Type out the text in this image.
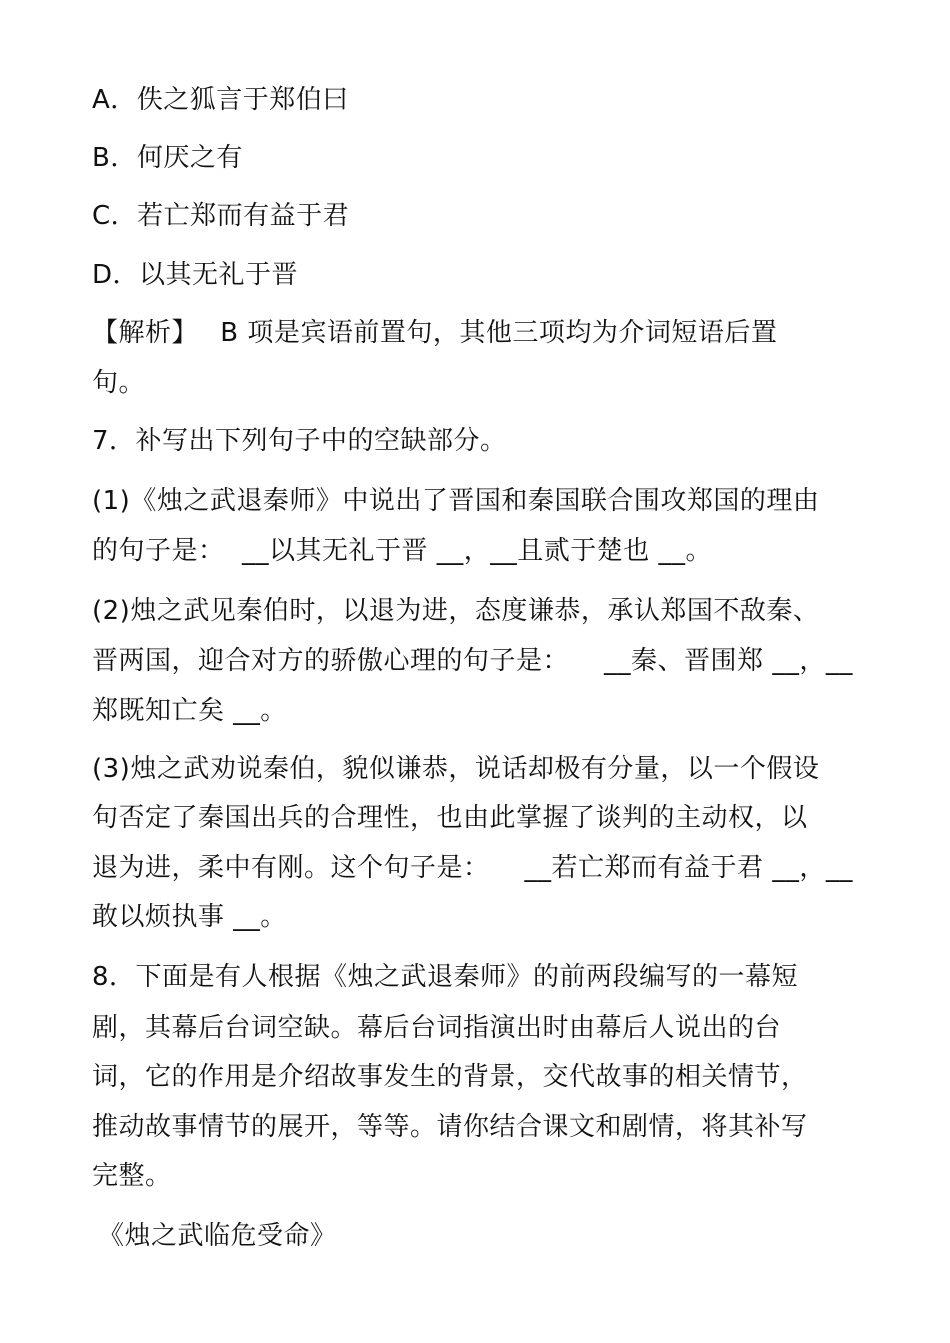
A．佚之狐言于郑伯曰
B．何厌之有
C．若亡郑而有益于君
D．以其无礼于晋
【解析】　 B 项是宾语前置句，其他三项均为介词短语后置
句。
7．补写出下列句子中的空缺部分。
(1)《烛之武退秦师》中说出了晋国和秦国联合围攻郑国的理由
的句子是：  __以其无礼于晋 __，__且贰于楚也 __。
(2)烛之武见秦伯时，以退为进，态度谦恭，承认郑国不敌秦、
晋两国，迎合对方的骄傲心理的句子是：    __秦、晋围郑 __，__
郑既知亡矣 __。
(3)烛之武劝说秦伯，貌似谦恭，说话却极有分量，以一个假设
句否定了秦国出兵的合理性，也由此掌握了谈判的主动权，以
退为进，柔中有刚。这个句子是：    __若亡郑而有益于君 __，__
敢以烦执事 __。
8．下面是有人根据《烛之武退秦师》的前两段编写的一幕短
剧，其幕后台词空缺。幕后台词指演出时由幕后人说出的台
词，它的作用是介绍故事发生的背景，交代故事的相关情节，
推动故事情节的展开，等等。请你结合课文和剧情，将其补写
完整。
《烛之武临危受命》
